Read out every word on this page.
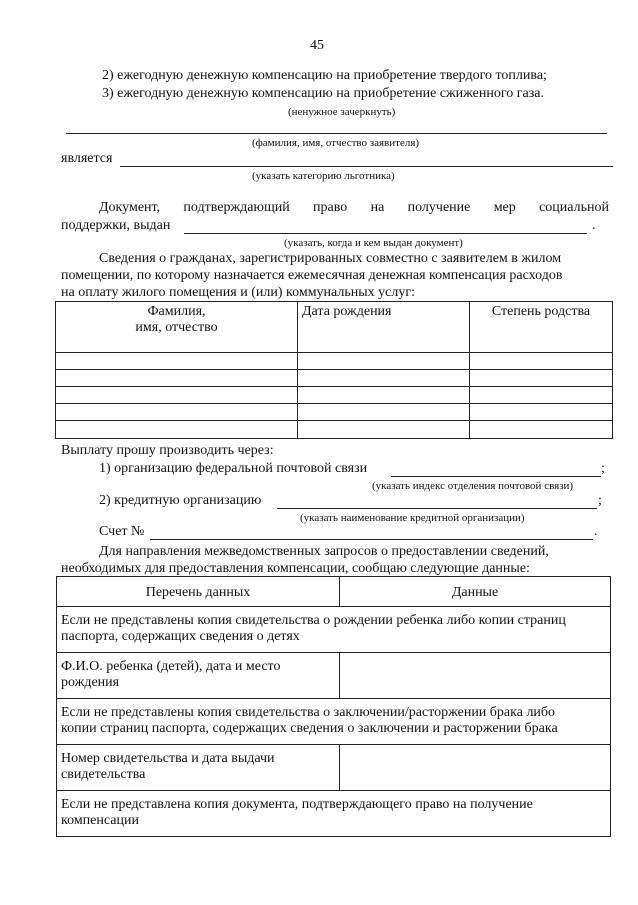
45
2) ежегодную денежную компенсацию на приобретение твердого топлива;
3) ежегодную денежную компенсацию на приобретение сжиженного газа.
(ненужное зачеркнуть)
(фамилия, имя, отчество заявителя)
является
(указать категорию льготника)
Документ, подтверждающий право на получение мер социальной
поддержки, выдан	.
(указать, когда и кем выдан документ)
Сведения о гражданах, зарегистрированных совместно с заявителем в жилом
помещении, по которому назначается ежемесячная денежная компенсация расходов
на оплату жилого помещения и (или) коммунальных услуг:
Фамилия,
имя, отчество	Дата рождения	Степень родства

Выплату прошу производить через:
1) организацию федеральной почтовой связи	;
(указать индекс отделения почтовой связи)
2) кредитную организацию	;
(указать наименование кредитной организации)
Счет №	.
Для направления межведомственных запросов о предоставлении сведений,
необходимых для предоставления компенсации, сообщаю следующие данные:
Перечень данных	Данные

Если не представлены копия свидетельства о рождении ребенка либо копии страниц
паспорта, содержащих сведения о детях	

Ф.И.О. ребенка (детей), дата и место
рождения	

Если не представлены копия свидетельства о заключении/расторжении брака либо
копии страниц паспорта, содержащих сведения о заключении и расторжении брака	

Номер свидетельства и дата выдачи
свидетельства	

Если не представлена копия документа, подтверждающего право на получение
компенсации	
